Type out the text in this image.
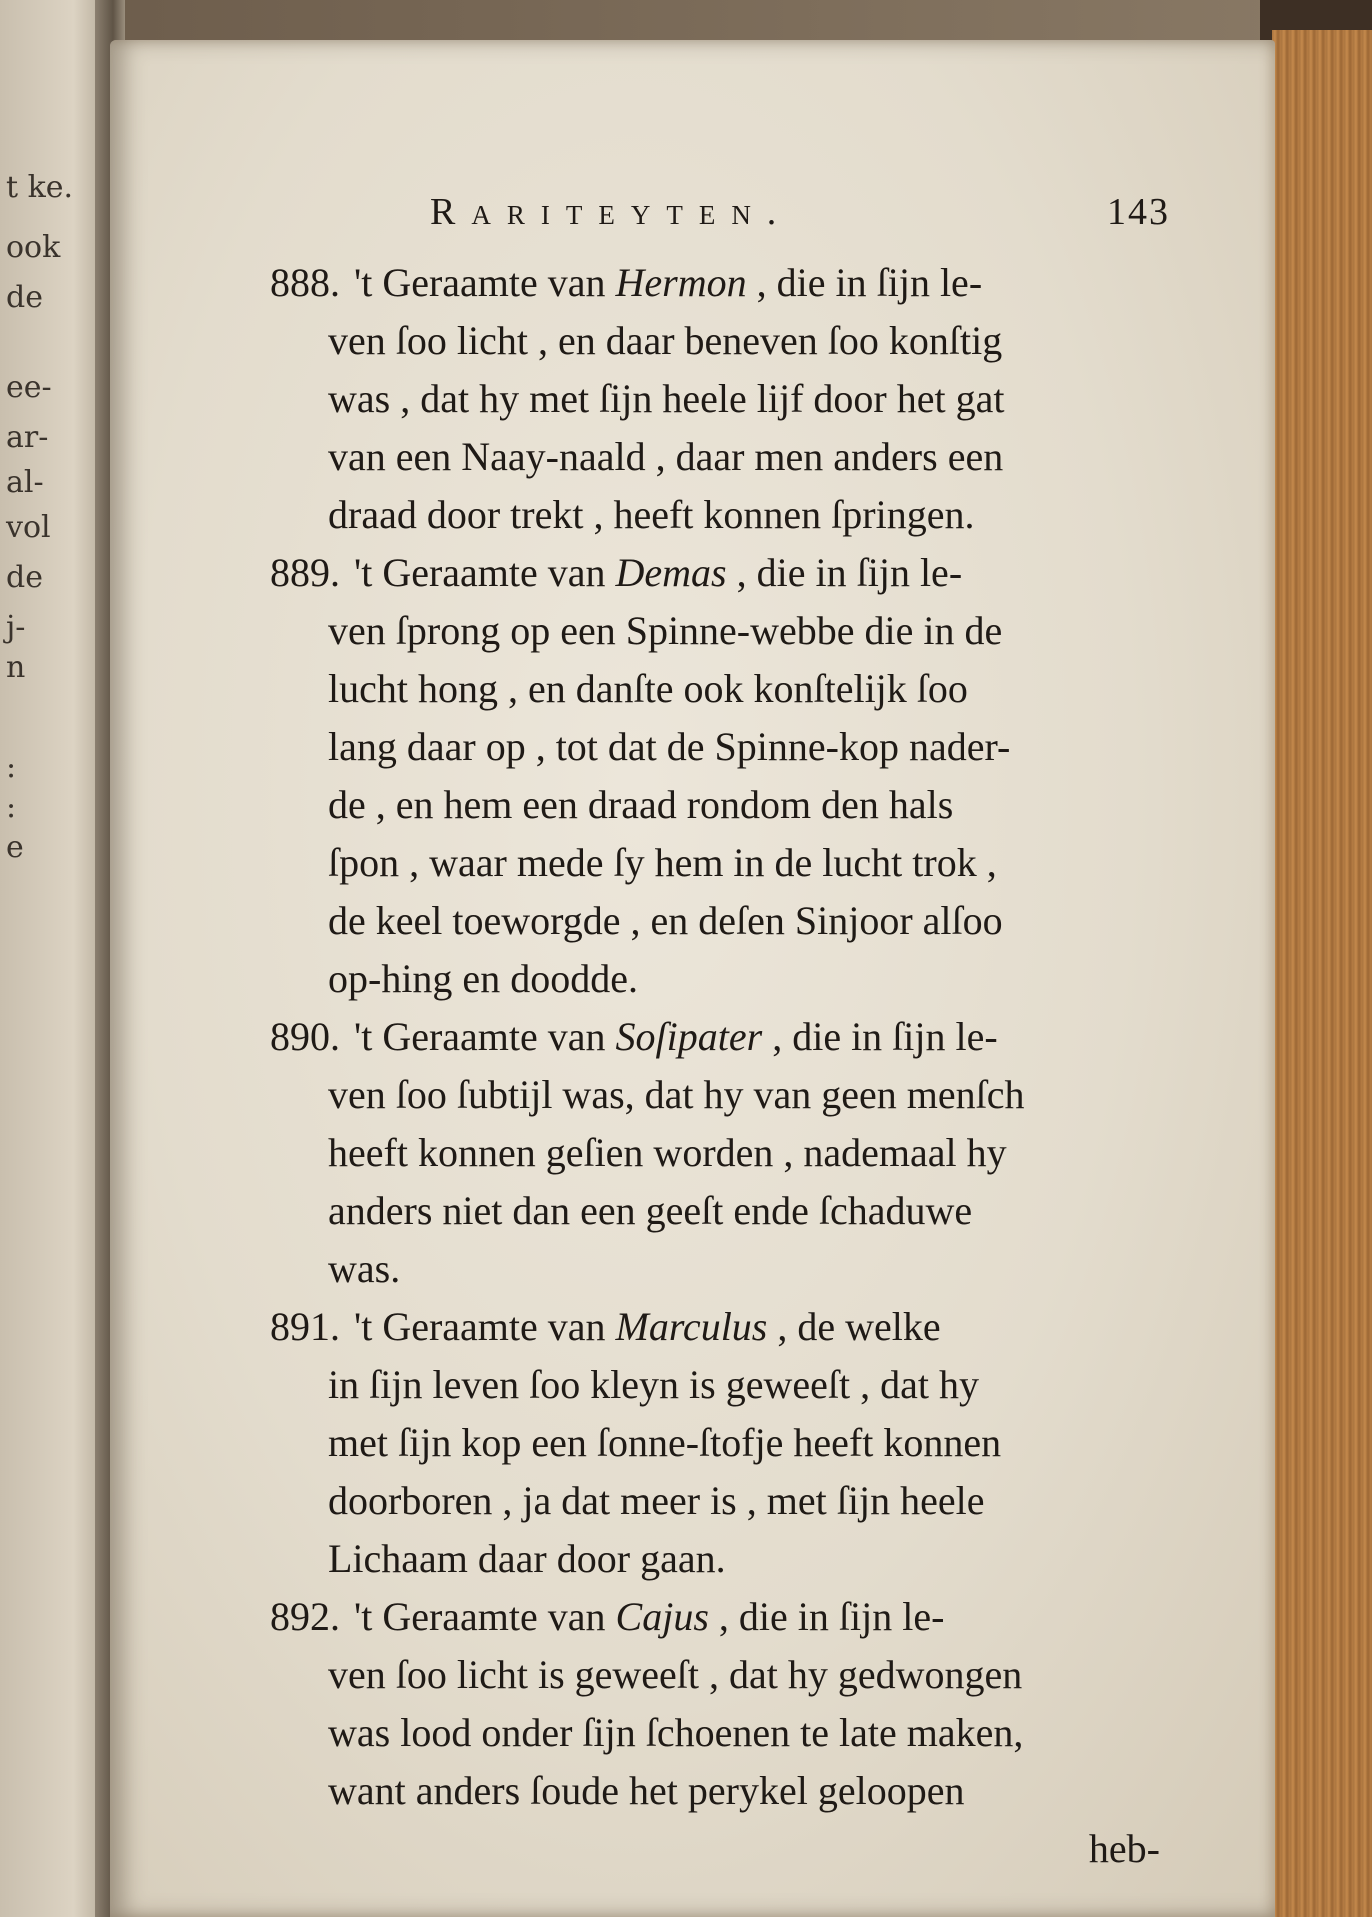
t ke.
ook
de
ee-
ar-
al-
vol
de
j-
n
:
:
e
Rariteyten.	143
888. 't Geraamte van Hermon , die in ſijn le-
ven ſoo licht , en daar beneven ſoo konſtig
was , dat hy met ſijn heele lijf door het gat
van een Naay-naald , daar men anders een
draad door trekt , heeft konnen ſpringen.
889. 't Geraamte van Demas , die in ſijn le-
ven ſprong op een Spinne-webbe die in de
lucht hong , en danſte ook konſtelijk ſoo
lang daar op , tot dat de Spinne-kop nader-
de , en hem een draad rondom den hals
ſpon , waar mede ſy hem in de lucht trok ,
de keel toeworgde , en deſen Sinjoor alſoo
op-hing en doodde.
890. 't Geraamte van Soſipater , die in ſijn le-
ven ſoo ſubtijl was, dat hy van geen menſch
heeft konnen geſien worden , nademaal hy
anders niet dan een geeſt ende ſchaduwe
was.
891. 't Geraamte van Marculus , de welke
in ſijn leven ſoo kleyn is geweeſt , dat hy
met ſijn kop een ſonne-ſtofje heeft konnen
doorboren , ja dat meer is , met ſijn heele
Lichaam daar door gaan.
892. 't Geraamte van Cajus , die in ſijn le-
ven ſoo licht is geweeſt , dat hy gedwongen
was lood onder ſijn ſchoenen te late maken,
want anders ſoude het perykel geloopen
heb-
